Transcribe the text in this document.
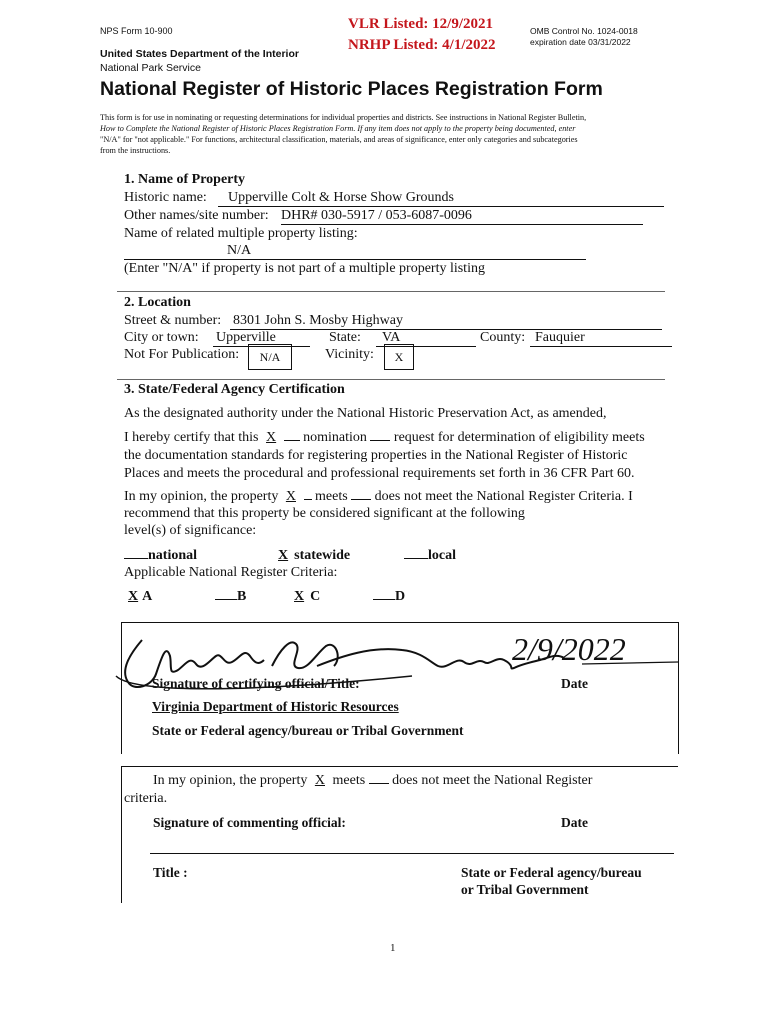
NPS Form 10-900	VLR Listed: 12/9/2021
NRHP Listed: 4/1/2022
OMB Control No. 1024-0018
expiration date 03/31/2022
United States Department of the Interior
National Park Service
National Register of Historic Places Registration Form
This form is for use in nominating or requesting determinations for individual properties and districts. See instructions in National Register Bulletin,
How to Complete the National Register of Historic Places Registration Form. If any item does not apply to the property being documented, enter
"N/A" for "not applicable." For functions, architectural classification, materials, and areas of significance, enter only categories and subcategories
from the instructions.
1. Name of Property
Historic name:	Upperville Colt & Horse Show Grounds
Other names/site number: DHR# 030-5917 / 053-6087-0096
Name of related multiple property listing:
N/A
(Enter "N/A" if property is not part of a multiple property listing
2. Location
Street & number: 8301 John S. Mosby Highway
City or town: Upperville	State:	VA	County: Fauquier
Not For Publication:	N/A	Vicinity:	X
3. State/Federal Agency Certification
As the designated authority under the National Historic Preservation Act, as amended,
I hereby certify that this X nomination request for determination of eligibility meets
the documentation standards for registering properties in the National Register of Historic
Places and meets the procedural and professional requirements set forth in 36 CFR Part 60.
In my opinion, the property X meets does not meet the National Register Criteria. I
recommend that this property be considered significant at the following
level(s) of significance:
national	X statewide	local
Applicable National Register Criteria:
X A	B	X C	D
2/9/2022
Signature of certifying official/Title:	Date
Virginia Department of Historic Resources
State or Federal agency/bureau or Tribal Government
In my opinion, the property X meets does not meet the National Register
criteria.
Signature of commenting official:	Date
Title :	State or Federal agency/bureau
or Tribal Government
1
